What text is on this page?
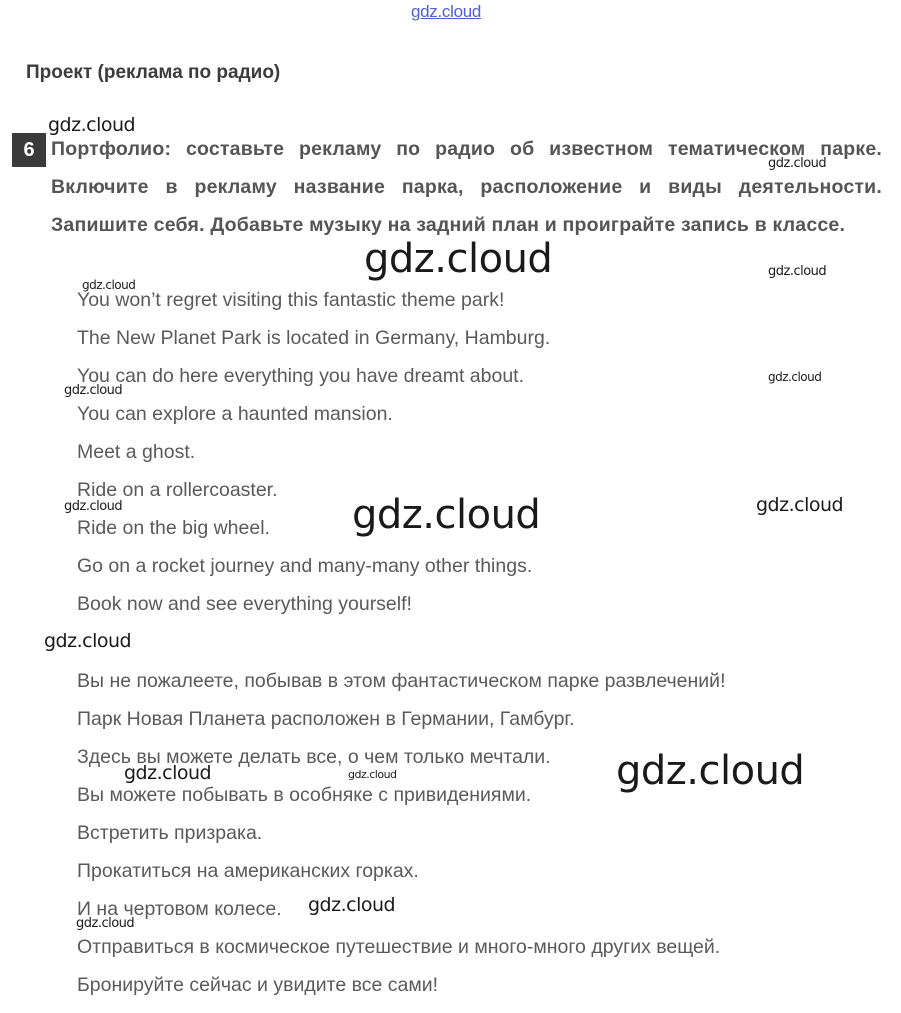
gdz.cloud
Проект (реклама по радио)
6 Портфолио: составьте рекламу по радио об известном тематическом парке. Включите в рекламу название парка, расположение и виды деятельности. Запишите себя. Добавьте музыку на задний план и проиграйте запись в классе.
You won’t regret visiting this fantastic theme park!
The New Planet Park is located in Germany, Hamburg.
You can do here everything you have dreamt about.
You can explore a haunted mansion.
Meet a ghost.
Ride on a rollercoaster.
Ride on the big wheel.
Go on a rocket journey and many-many other things.
Book now and see everything yourself!
Вы не пожалеете, побывав в этом фантастическом парке развлечений!
Парк Новая Планета расположен в Германии, Гамбург.
Здесь вы можете делать все, о чем только мечтали.
Вы можете побывать в особняке с привидениями.
Встретить призрака.
Прокатиться на американских горках.
И на чертовом колесе.
Отправиться в космическое путешествие и много-много других вещей.
Бронируйте сейчас и увидите все сами!
gdz.cloud
gdz.cloud
gdz.cloud	gdz.cloud
gdz.cloud
gdz.cloud
gdz.cloud
gdz.cloud
gdz.cloud	gdz.cloud
gdz.cloud
gdz.cloud
gdz.cloud	gdz.cloud
gdz.cloud
gdz.cloud
